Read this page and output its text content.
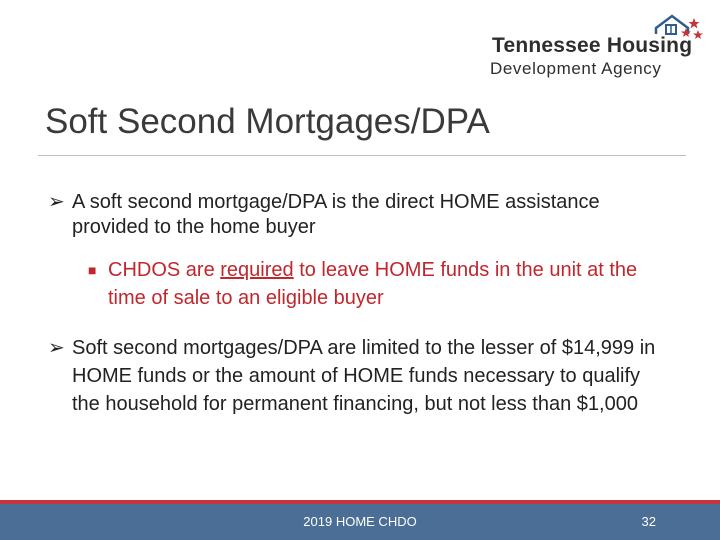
Tennessee Housing
Development Agency
Soft Second Mortgages/DPA
➢ A soft second mortgage/DPA is the direct HOME assistance provided to the home buyer
■ CHDOS are required to leave HOME funds in the unit at the time of sale to an eligible buyer
➢ Soft second mortgages/DPA are limited to the lesser of $14,999 in HOME funds or the amount of HOME funds necessary to qualify the household for permanent financing, but not less than $1,000
2019 HOME CHDO	32
